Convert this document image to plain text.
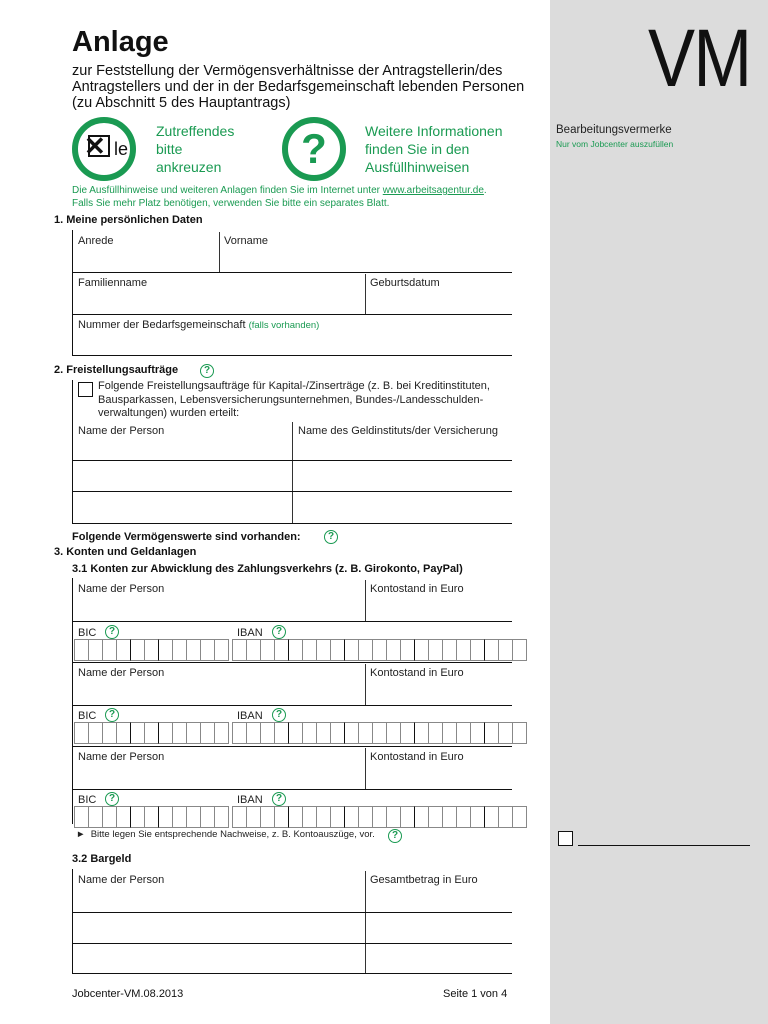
VM
Bearbeitungsvermerke
Nur vom Jobcenter auszufüllen
Anlage
zur Feststellung der Vermögensverhältnisse der Antragstellerin/des
Antragstellers und der in der Bedarfsgemeinschaft lebenden Personen
(zu Abschnitt 5 des Hauptantrags)
✕ le
Zutreffendes
bitte
ankreuzen	?	Weitere Informationen
finden Sie in den
Ausfüllhinweisen
Die Ausfüllhinweise und weiteren Anlagen finden Sie im Internet unter www.arbeitsagentur.de.
Falls Sie mehr Platz benötigen, verwenden Sie bitte ein separates Blatt.
1. Meine persönlichen Daten
Anrede	Vorname
Familienname	Geburtsdatum
Nummer der Bedarfsgemeinschaft (falls vorhanden)
2. Freistellungsaufträge	?
Folgende Freistellungsaufträge für Kapital-/Zinserträge (z. B. bei Kreditinstituten,
Bausparkassen, Lebensversicherungsunternehmen, Bundes-/Landesschulden-
verwaltungen) wurden erteilt:
Name der Person	Name des Geldinstituts/der Versicherung
Folgende Vermögenswerte sind vorhanden:	?
3. Konten und Geldanlagen
3.1 Konten zur Abwicklung des Zahlungsverkehrs (z. B. Girokonto, PayPal)
Name der Person	Kontostand in Euro
BIC	?	IBAN	?
Name der Person	Kontostand in Euro
BIC	?	IBAN	?
Name der Person	Kontostand in Euro
BIC	?	IBAN	?
► Bitte legen Sie entsprechende Nachweise, z. B. Kontoauszüge, vor.	?
3.2 Bargeld
Name der Person	Gesamtbetrag in Euro
Jobcenter-VM.08.2013	Seite 1 von 4
